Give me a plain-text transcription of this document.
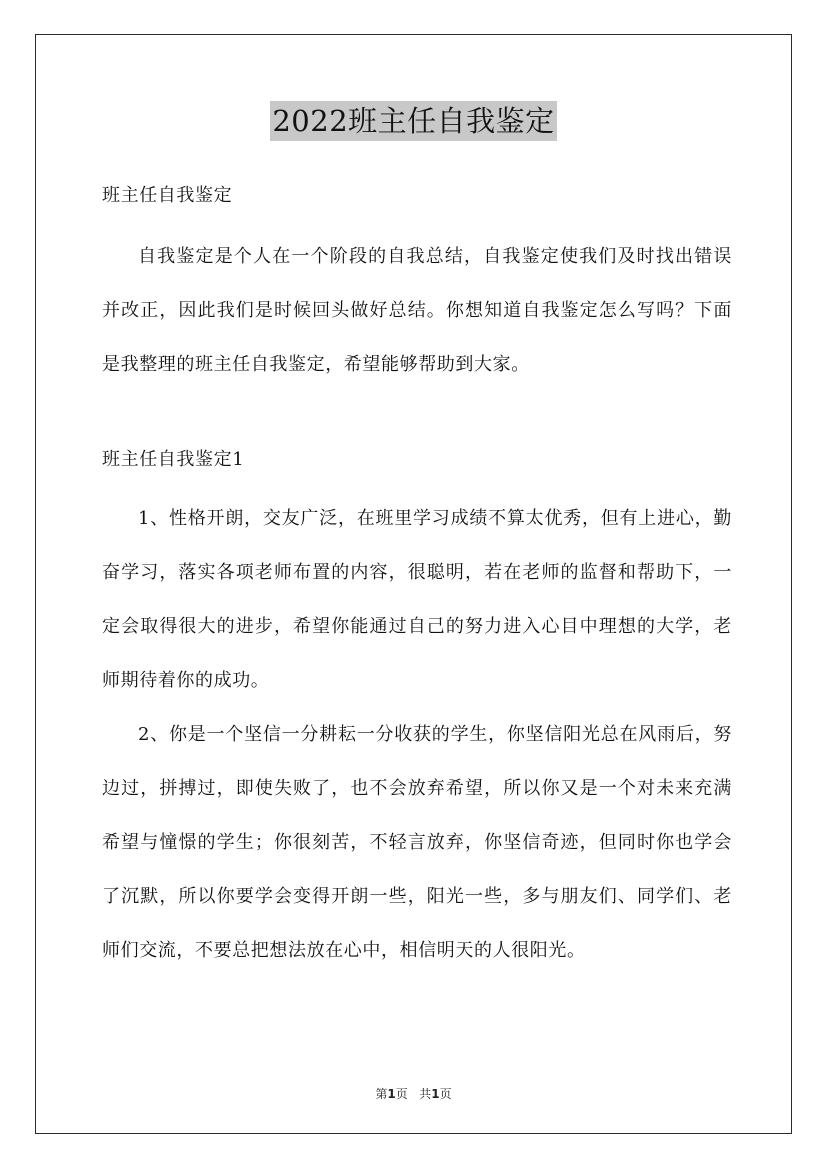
2022班主任自我鉴定

班主任自我鉴定

自我鉴定是个人在一个阶段的自我总结，自我鉴定使我们及时找出错误并改正，因此我们是时候回头做好总结。你想知道自我鉴定怎么写吗？下面是我整理的班主任自我鉴定，希望能够帮助到大家。

班主任自我鉴定1

1、性格开朗，交友广泛，在班里学习成绩不算太优秀，但有上进心，勤奋学习，落实各项老师布置的内容，很聪明，若在老师的监督和帮助下，一定会取得很大的进步，希望你能通过自己的努力进入心目中理想的大学，老师期待着你的成功。

2、你是一个坚信一分耕耘一分收获的学生，你坚信阳光总在风雨后，努边过，拼搏过，即使失败了，也不会放弃希望，所以你又是一个对未来充满希望与憧憬的学生；你很刻苦，不轻言放弃，你坚信奇迹，但同时你也学会了沉默，所以你要学会变得开朗一些，阳光一些，多与朋友们、同学们、老师们交流，不要总把想法放在心中，相信明天的人很阳光。

第1页 共1页
